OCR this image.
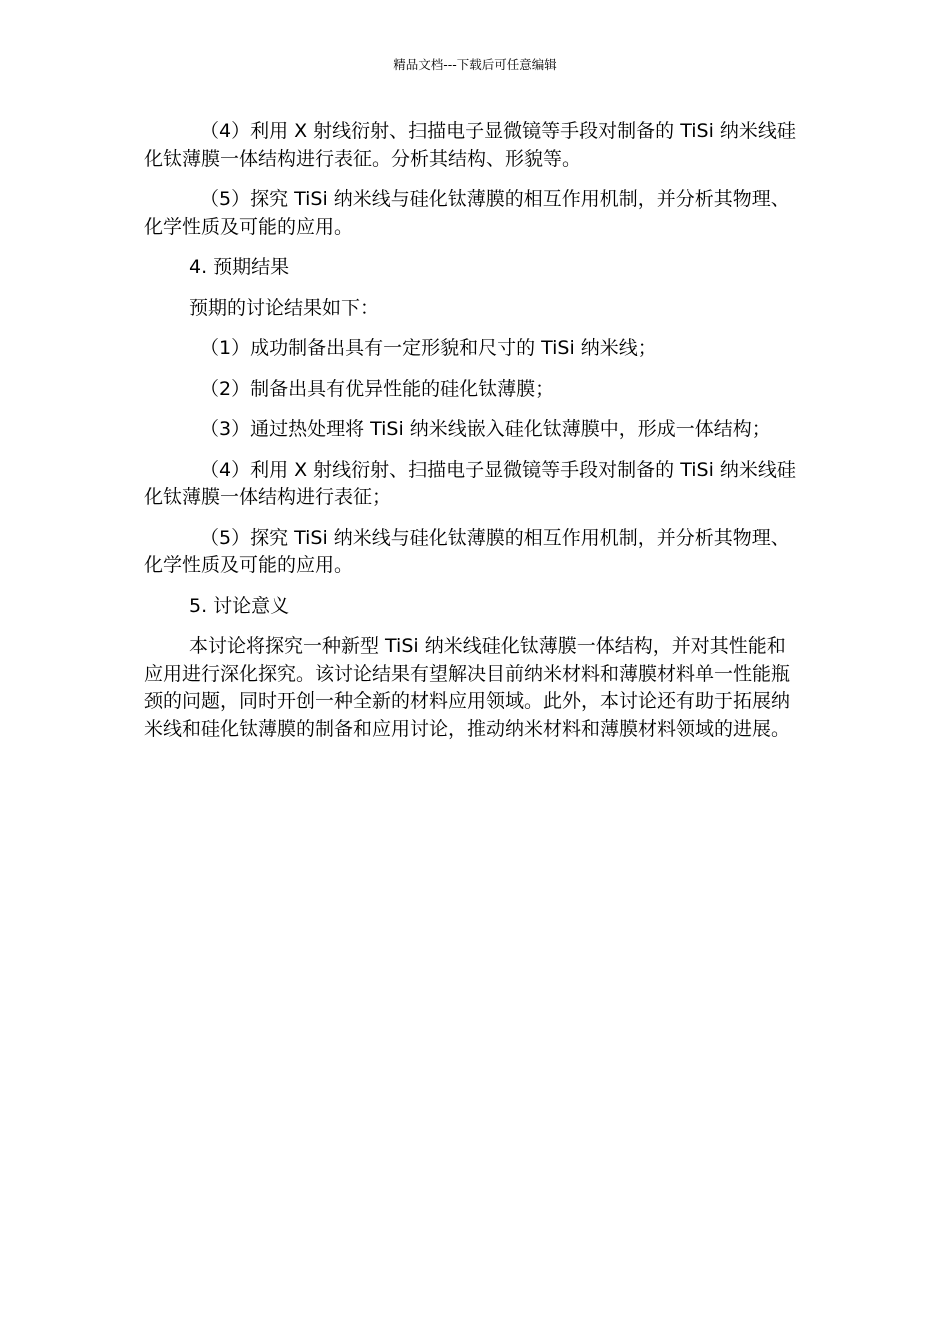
精品文档---下载后可任意编辑

（4）利用 X 射线衍射、扫描电子显微镜等手段对制备的 TiSi 纳米线硅化钛薄膜一体结构进行表征。分析其结构、形貌等。

（5）探究 TiSi 纳米线与硅化钛薄膜的相互作用机制，并分析其物理、化学性质及可能的应用。

4. 预期结果

预期的讨论结果如下：

（1）成功制备出具有一定形貌和尺寸的 TiSi 纳米线；

（2）制备出具有优异性能的硅化钛薄膜；

（3）通过热处理将 TiSi 纳米线嵌入硅化钛薄膜中，形成一体结构；

（4）利用 X 射线衍射、扫描电子显微镜等手段对制备的 TiSi 纳米线硅化钛薄膜一体结构进行表征；

（5）探究 TiSi 纳米线与硅化钛薄膜的相互作用机制，并分析其物理、化学性质及可能的应用。

5. 讨论意义

本讨论将探究一种新型 TiSi 纳米线硅化钛薄膜一体结构，并对其性能和应用进行深化探究。该讨论结果有望解决目前纳米材料和薄膜材料单一性能瓶颈的问题，同时开创一种全新的材料应用领域。此外，本讨论还有助于拓展纳米线和硅化钛薄膜的制备和应用讨论，推动纳米材料和薄膜材料领域的进展。
